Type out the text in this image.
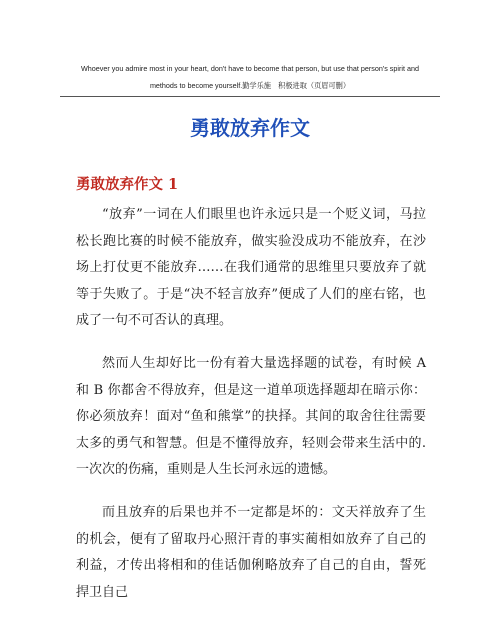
Whoever you admire most in your heart, don't have to become that person, but use that person's spirit and
methods to become yourself.勤学乐施　积极进取（页眉可删）
勇敢放弃作文
勇敢放弃作文 1

“放弃”一词在人们眼里也许永远只是一个贬义词，马拉松长跑比赛的时候不能放弃，做实验没成功不能放弃，在沙场上打仗更不能放弃……在我们通常的思维里只要放弃了就等于失败了。于是“决不轻言放弃”便成了人们的座右铭，也成了一句不可否认的真理。

然而人生却好比一份有着大量选择题的试卷，有时候 A 和 B 你都舍不得放弃，但是这一道单项选择题却在暗示你：你必须放弃！面对“鱼和熊掌”的抉择。其间的取舍往往需要太多的勇气和智慧。但是不懂得放弃，轻则会带来生活中的.一次次的伤痛，重则是人生长河永远的遗憾。

而且放弃的后果也并不一定都是坏的：文天祥放弃了生的机会，便有了留取丹心照汗青的事实蔺相如放弃了自己的利益，才传出将相和的佳话伽俐略放弃了自己的自由，誓死捍卫自己
